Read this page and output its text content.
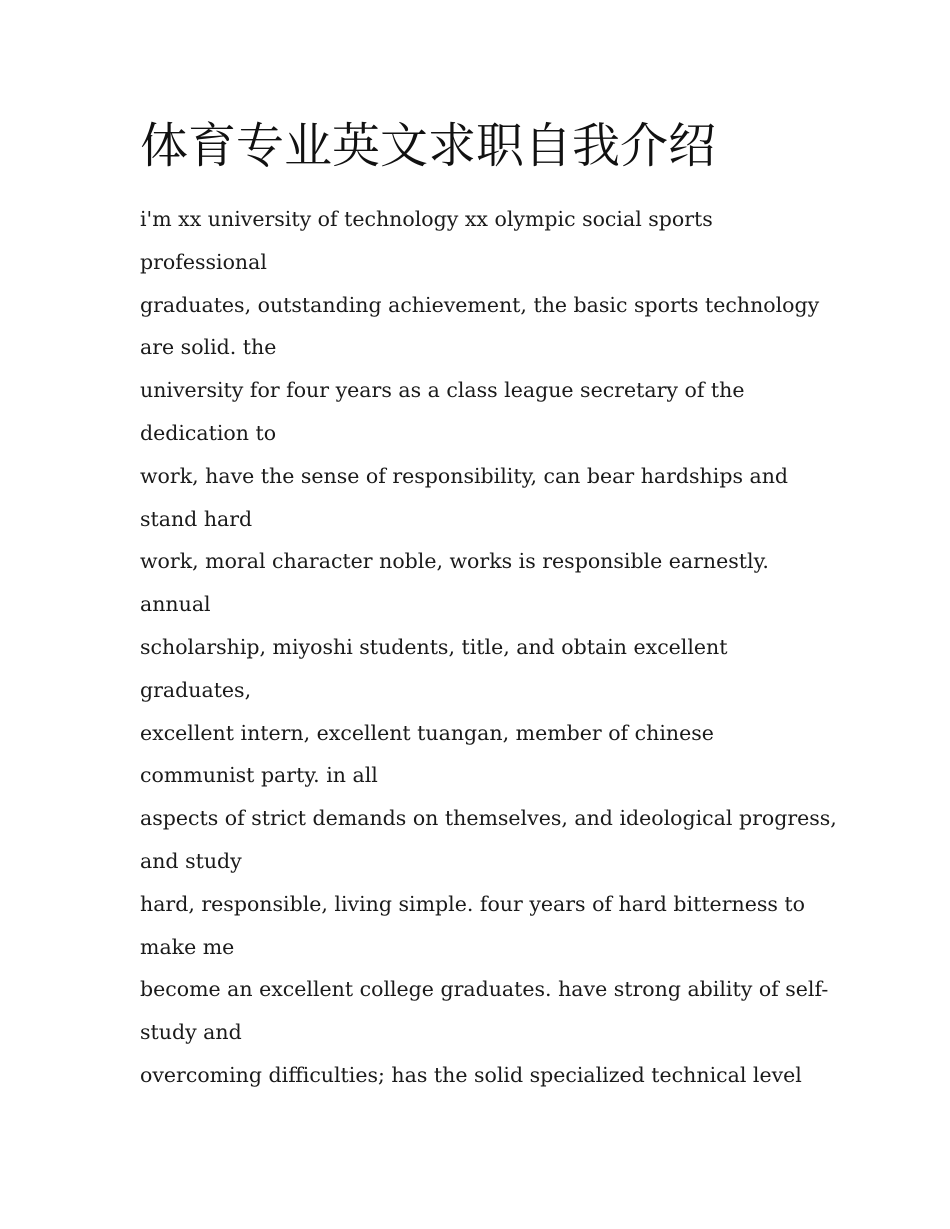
体育专业英文求职自我介绍

i'm xx university of technology xx olympic social sports

professional

graduates, outstanding achievement, the basic sports technology

are solid. the

university for four years as a class league secretary of the

dedication to

work, have the sense of responsibility, can bear hardships and

stand hard

work, moral character noble, works is responsible earnestly.

annual

scholarship, miyoshi students, title, and obtain excellent

graduates,

excellent intern, excellent tuangan, member of chinese

communist party. in all

aspects of strict demands on themselves, and ideological progress,

and study

hard, responsible, living simple. four years of hard bitterness to

make me

become an excellent college graduates. have strong ability of self-

study and

overcoming difficulties; has the solid specialized technical level
